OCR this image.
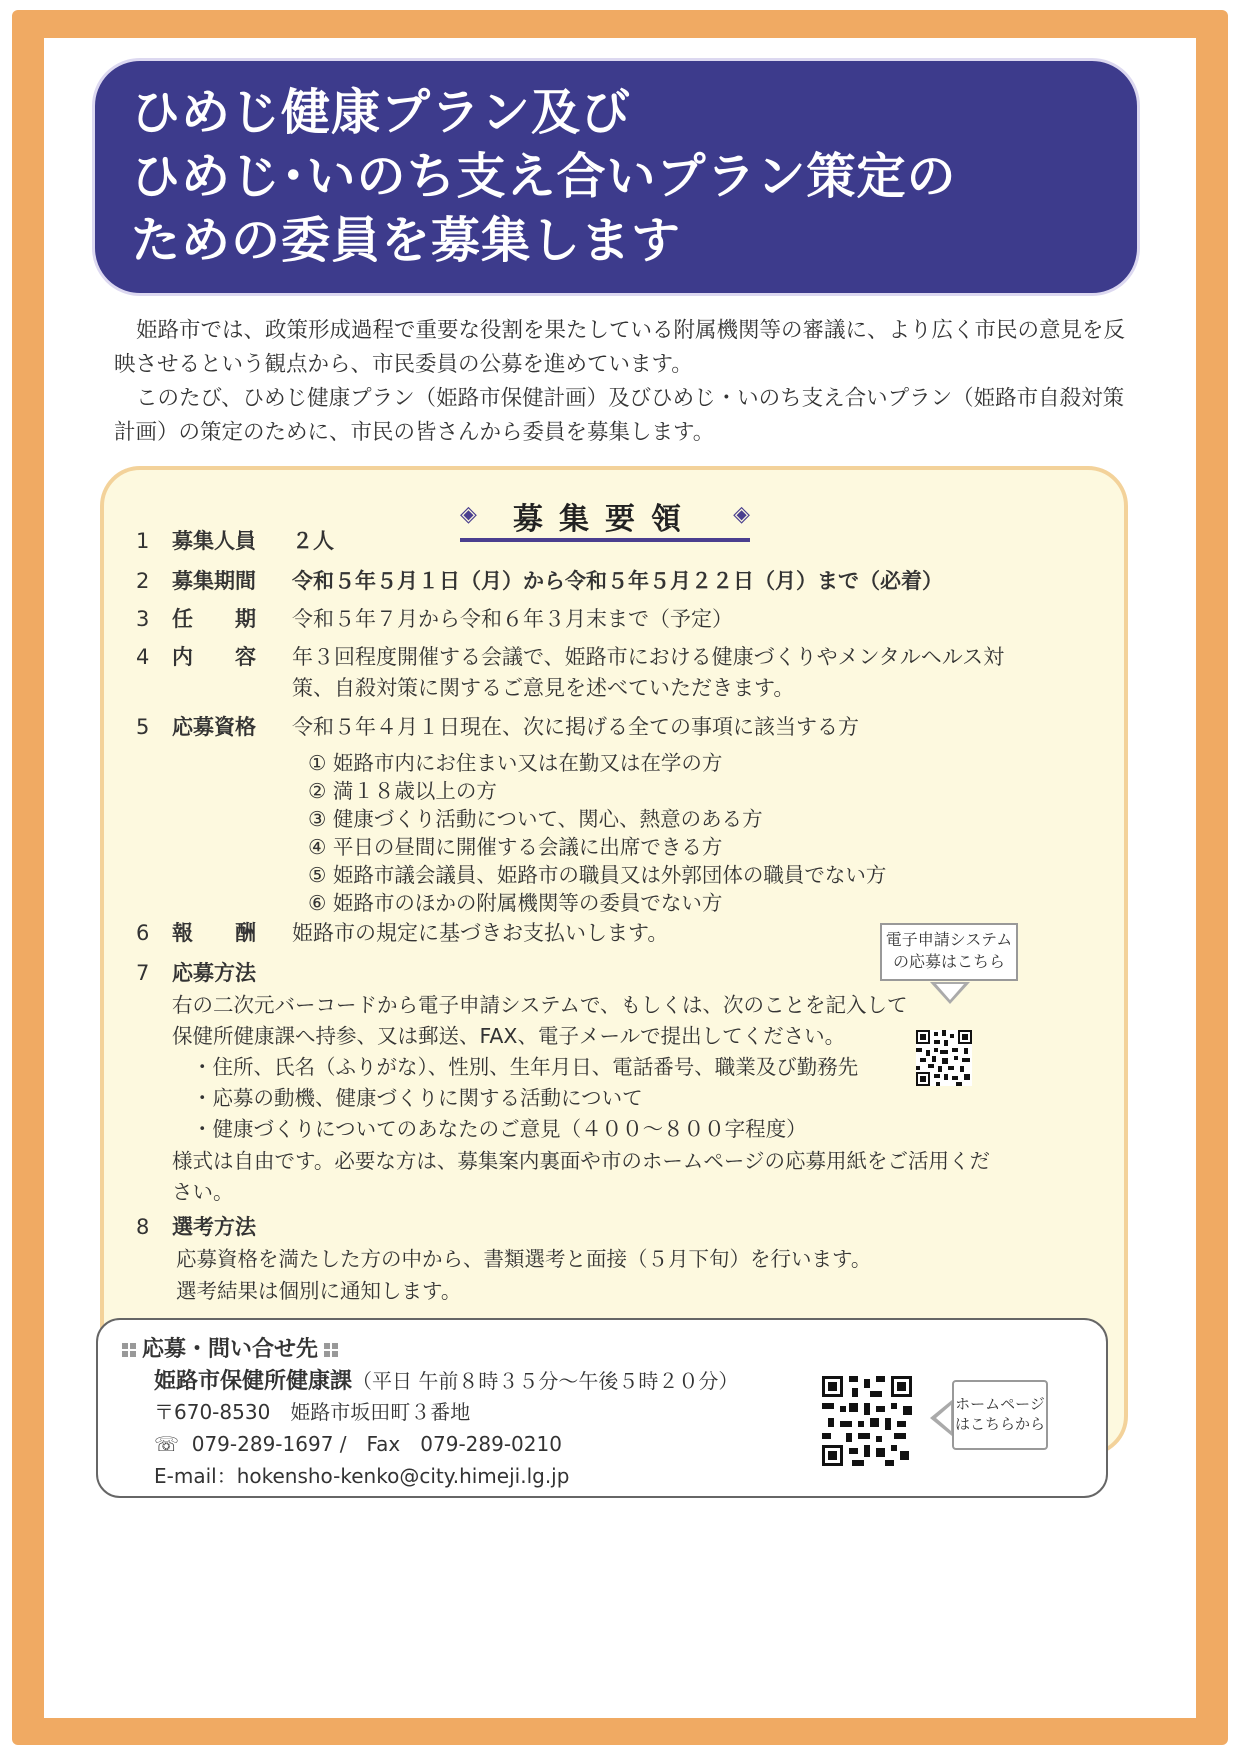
ひめじ健康プラン及び
ひめじ･いのち支え合いプラン策定の
ための委員を募集します

姫路市では、政策形成過程で重要な役割を果たしている附属機関等の審議に、より広く市民の意見を反映させるという観点から、市民委員の公募を進めています。

このたび、ひめじ健康プラン（姫路市保健計画）及びひめじ・いのち支え合いプラン（姫路市自殺対策計画）の策定のために、市民の皆さんから委員を募集します。

◈ 募集要領 ◈
1	募集人員	２人
2	募集期間	令和５年５月１日（月）から令和５年５月２２日（月）まで（必着）
3	任　　期	令和５年７月から令和６年３月末まで（予定）
4	内　　容	年３回程度開催する会議で、姫路市における健康づくりやメンタルヘルス対
策、自殺対策に関するご意見を述べていただきます。
5	応募資格	令和５年４月１日現在、次に掲げる全ての事項に該当する方
① 姫路市内にお住まい又は在勤又は在学の方
② 満１８歳以上の方
③ 健康づくり活動について、関心、熱意のある方
④ 平日の昼間に開催する会議に出席できる方
⑤ 姫路市議会議員、姫路市の職員又は外郭団体の職員でない方
⑥ 姫路市のほかの附属機関等の委員でない方
6	報　　酬	姫路市の規定に基づきお支払いします。
7	応募方法
右の二次元バーコードから電子申請システムで、もしくは、次のことを記入して
保健所健康課へ持参、又は郵送、FAX、電子メールで提出してください。
・住所、氏名（ふりがな）、性別、生年月日、電話番号、職業及び勤務先
・応募の動機、健康づくりに関する活動について
・健康づくりについてのあなたのご意見（４００～８００字程度）
様式は自由です。必要な方は、募集案内裏面や市のホームページの応募用紙をご活用くだ
さい。
8	選考方法
応募資格を満たした方の中から、書類選考と面接（５月下旬）を行います。
選考結果は個別に通知します。
電子申請システム
の応募はこちら
応募・問い合せ先
姫路市保健所健康課（平日 午前８時３５分～午後５時２０分）
〒670-8530　姫路市坂田町３番地
☏ 079-289-1697 /　Fax　079-289-0210
E-mail：hokensho-kenko@city.himeji.lg.jp
ホームページ
はこちらから
